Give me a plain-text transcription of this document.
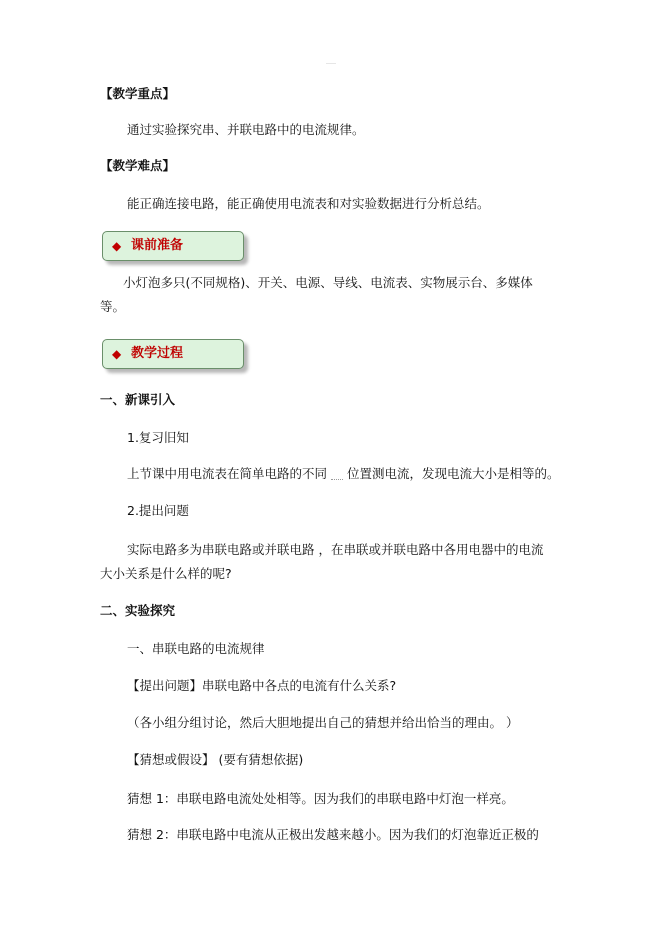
【教学重点】
通过实验探究串、并联电路中的电流规律。
【教学难点】
能正确连接电路，能正确使用电流表和对实验数据进行分析总结。
◆ 课前准备
小灯泡多只(不同规格)、开关、电源、导线、电流表、实物展示台、多媒体
等。
◆ 教学过程
一、新课引入
1.复习旧知
上节课中用电流表在简单电路的不同 位置测电流，发现电流大小是相等的。
2.提出问题
实际电路多为串联电路或并联电路 ，在串联或并联电路中各用电器中的电流
大小关系是什么样的呢?
二、实验探究
一、串联电路的电流规律
【提出问题】串联电路中各点的电流有什么关系?
（各小组分组讨论，然后大胆地提出自己的猜想并给出恰当的理由。 ）
【猜想或假设】 (要有猜想依据)
猜想 1：串联电路电流处处相等。因为我们的串联电路中灯泡一样亮。
猜想 2：串联电路中电流从正极出发越来越小。因为我们的灯泡靠近正极的
